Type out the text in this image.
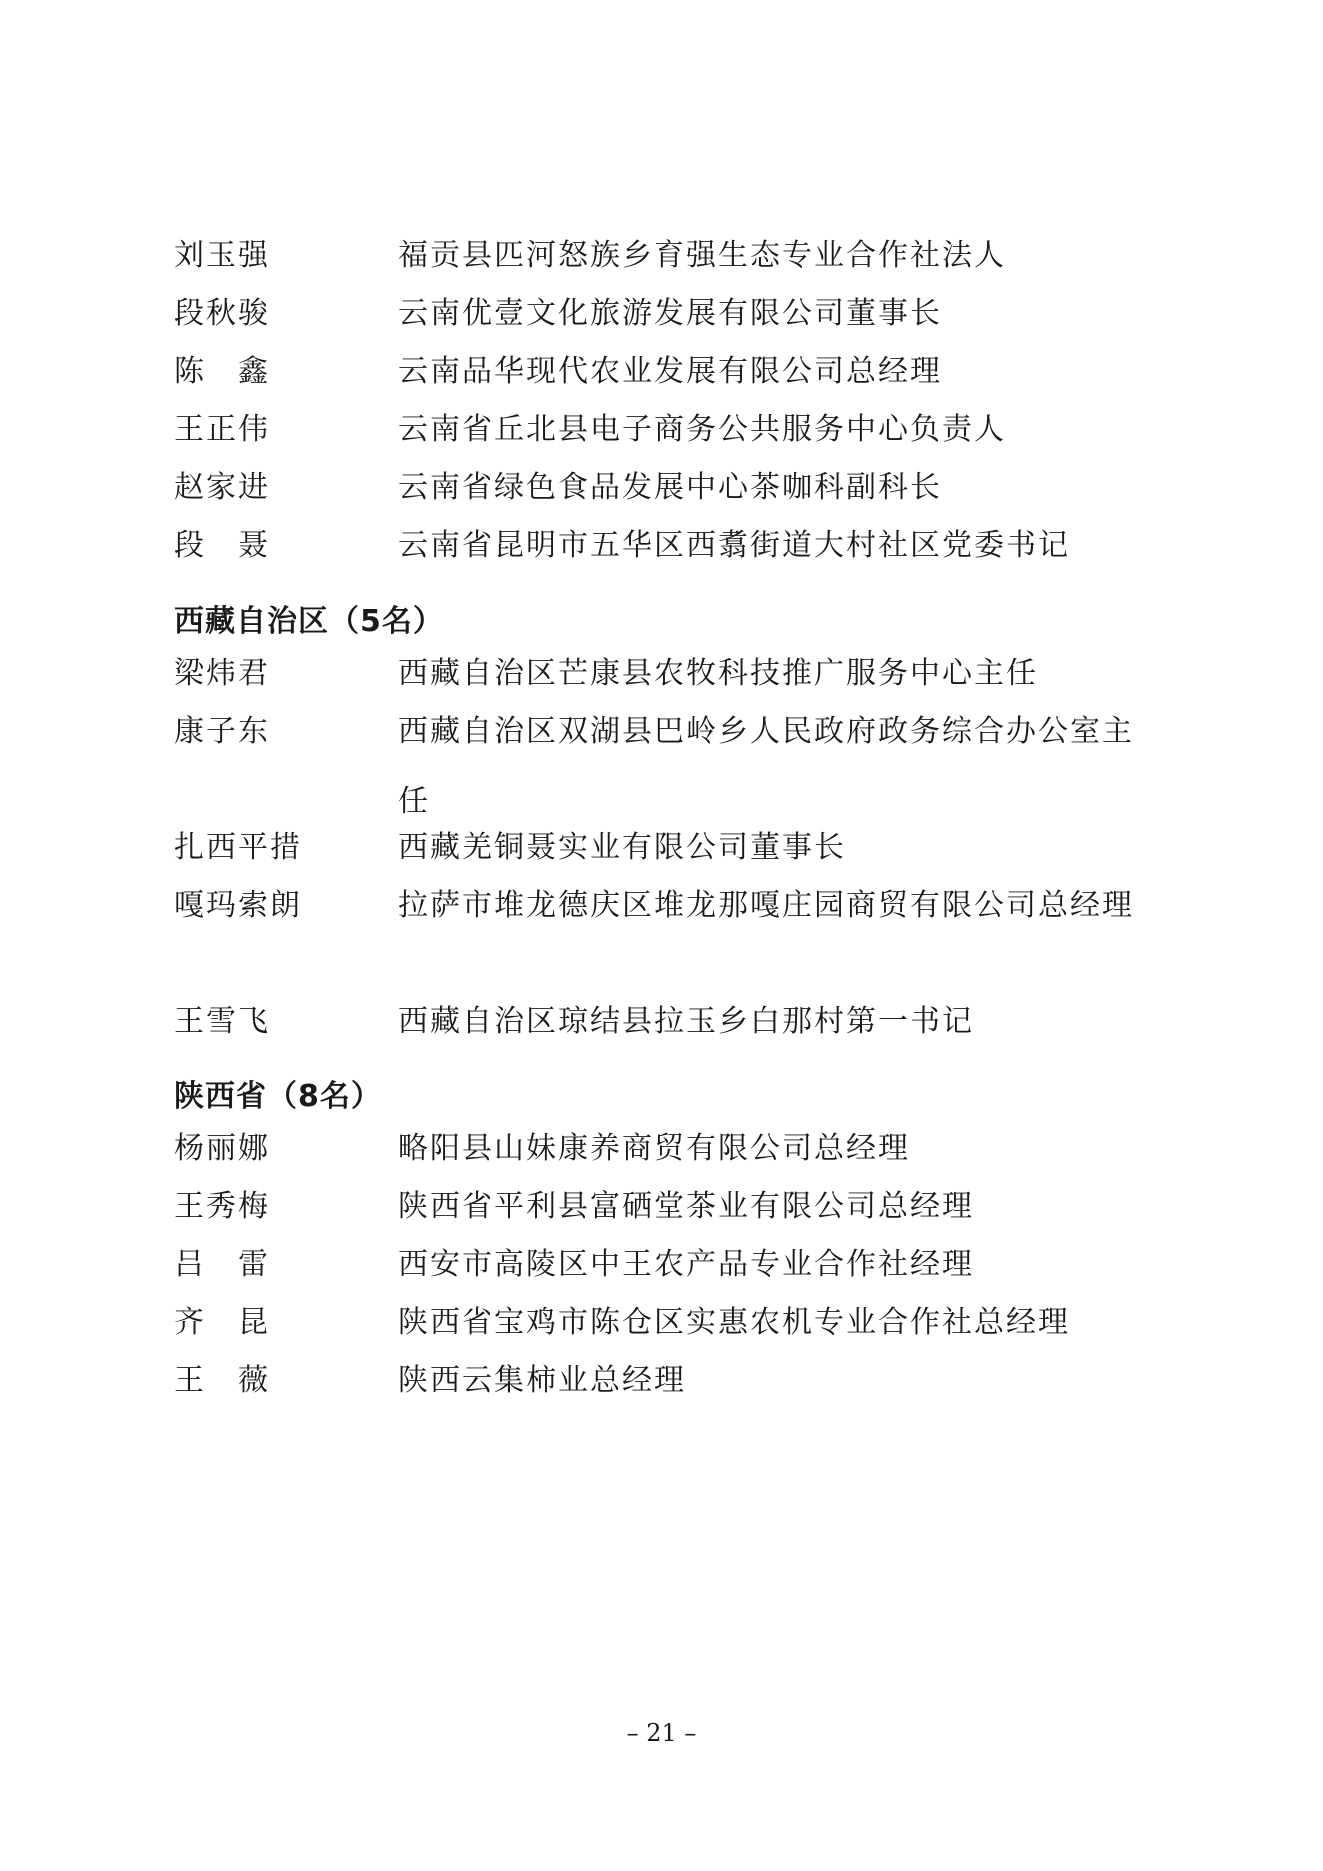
刘玉强	福贡县匹河怒族乡育强生态专业合作社法人
段秋骏	云南优壹文化旅游发展有限公司董事长
陈鑫	云南品华现代农业发展有限公司总经理
王正伟	云南省丘北县电子商务公共服务中心负责人
赵家进	云南省绿色食品发展中心茶咖科副科长
段聂	云南省昆明市五华区西翥街道大村社区党委书记
西藏自治区（5名）
梁炜君	西藏自治区芒康县农牧科技推广服务中心主任
康子东	西藏自治区双湖县巴岭乡人民政府政务综合办公室主任
扎西平措	西藏羌铜聂实业有限公司董事长
嘎玛索朗	拉萨市堆龙德庆区堆龙那嘎庄园商贸有限公司总经理
王雪飞	西藏自治区琼结县拉玉乡白那村第一书记
陕西省（8名）
杨丽娜	略阳县山妹康养商贸有限公司总经理
王秀梅	陕西省平利县富硒堂茶业有限公司总经理
吕雷	西安市高陵区中王农产品专业合作社经理
齐昆	陕西省宝鸡市陈仓区实惠农机专业合作社总经理
王薇	陕西云集柿业总经理
– 21 –
